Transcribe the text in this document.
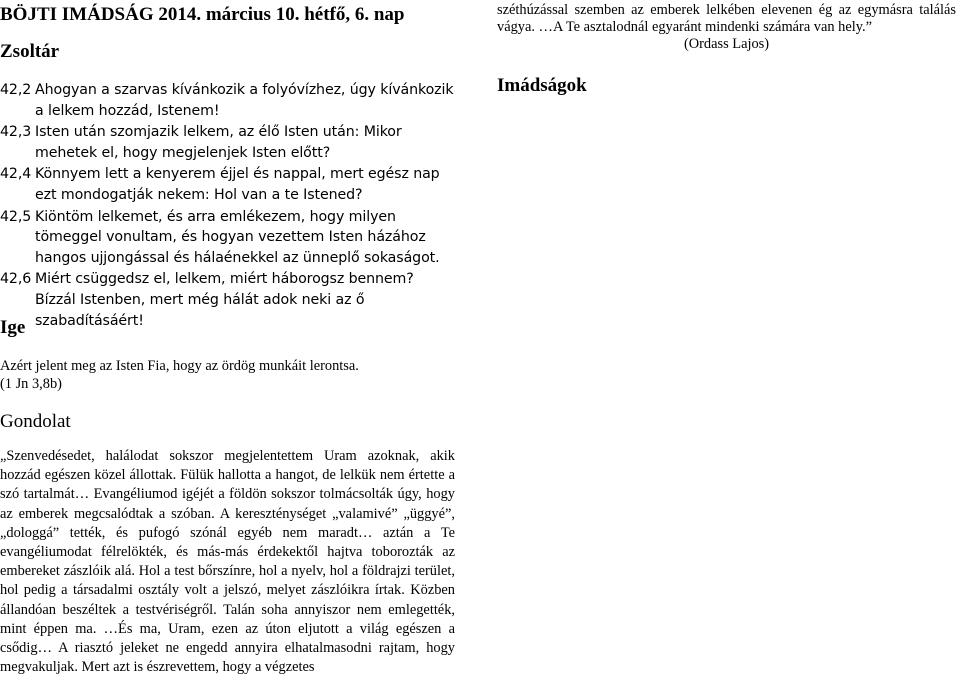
BÖJTI IMÁDSÁG 2014. március 10. hétfő, 6. nap
Zsoltár
42,2 Ahogyan a szarvas kívánkozik a folyóvízhez, úgy kívánkozik a lelkem hozzád, Istenem!
42,3 Isten után szomjazik lelkem, az élő Isten után: Mikor mehetek el, hogy megjelenjek Isten előtt?
42,4 Könnyem lett a kenyerem éjjel és nappal, mert egész nap ezt mondogatják nekem: Hol van a te Istened?
42,5 Kiöntöm lelkemet, és arra emlékezem, hogy milyen tömeggel vonultam, és hogyan vezettem Isten házához hangos ujjongással és hálaénekkel az ünneplő sokaságot.
42,6 Miért csüggedsz el, lelkem, miért háborogsz bennem? Bízzál Istenben, mert még hálát adok neki az ő szabadításáért!
Ige
Azért jelent meg az Isten Fia, hogy az ördög munkáit lerontsa.
(1 Jn 3,8b)
Gondolat

„Szenvedésedet, halálodat sokszor megjelentettem Uram azoknak, akik hozzád egészen közel állottak. Fülük hallotta a hangot, de lelkük nem értette a szó tartalmát… Evangéliumod igéjét a földön sokszor tolmácsolták úgy, hogy az emberek megcsalódtak a szóban. A kereszténységet „valamivé” „üggyé”, „dologgá” tették, és pufogó szónál egyéb nem maradt… aztán a Te evangéliumodat félrelökték, és más-más érdekektől hajtva toborozták az embereket zászlóik alá. Hol a test bőrszínre, hol a nyelv, hol a földrajzi terület, hol pedig a társadalmi osztály volt a jelszó, melyet zászlóikra írtak. Közben állandóan beszéltek a testvériségről. Talán soha annyiszor nem emlegették, mint éppen ma. …És ma, Uram, ezen az úton eljutott a világ egészen a csődig… A riasztó jeleket ne engedd annyira elhatalmasodni rajtam, hogy megvakuljak. Mert azt is észrevettem, hogy a végzetes

széthúzással szemben az emberek lelkében elevenen ég az egymásra találás vágya. …A Te asztalodnál egyaránt mindenki számára van hely.”
(Ordass Lajos)

Imádságok
